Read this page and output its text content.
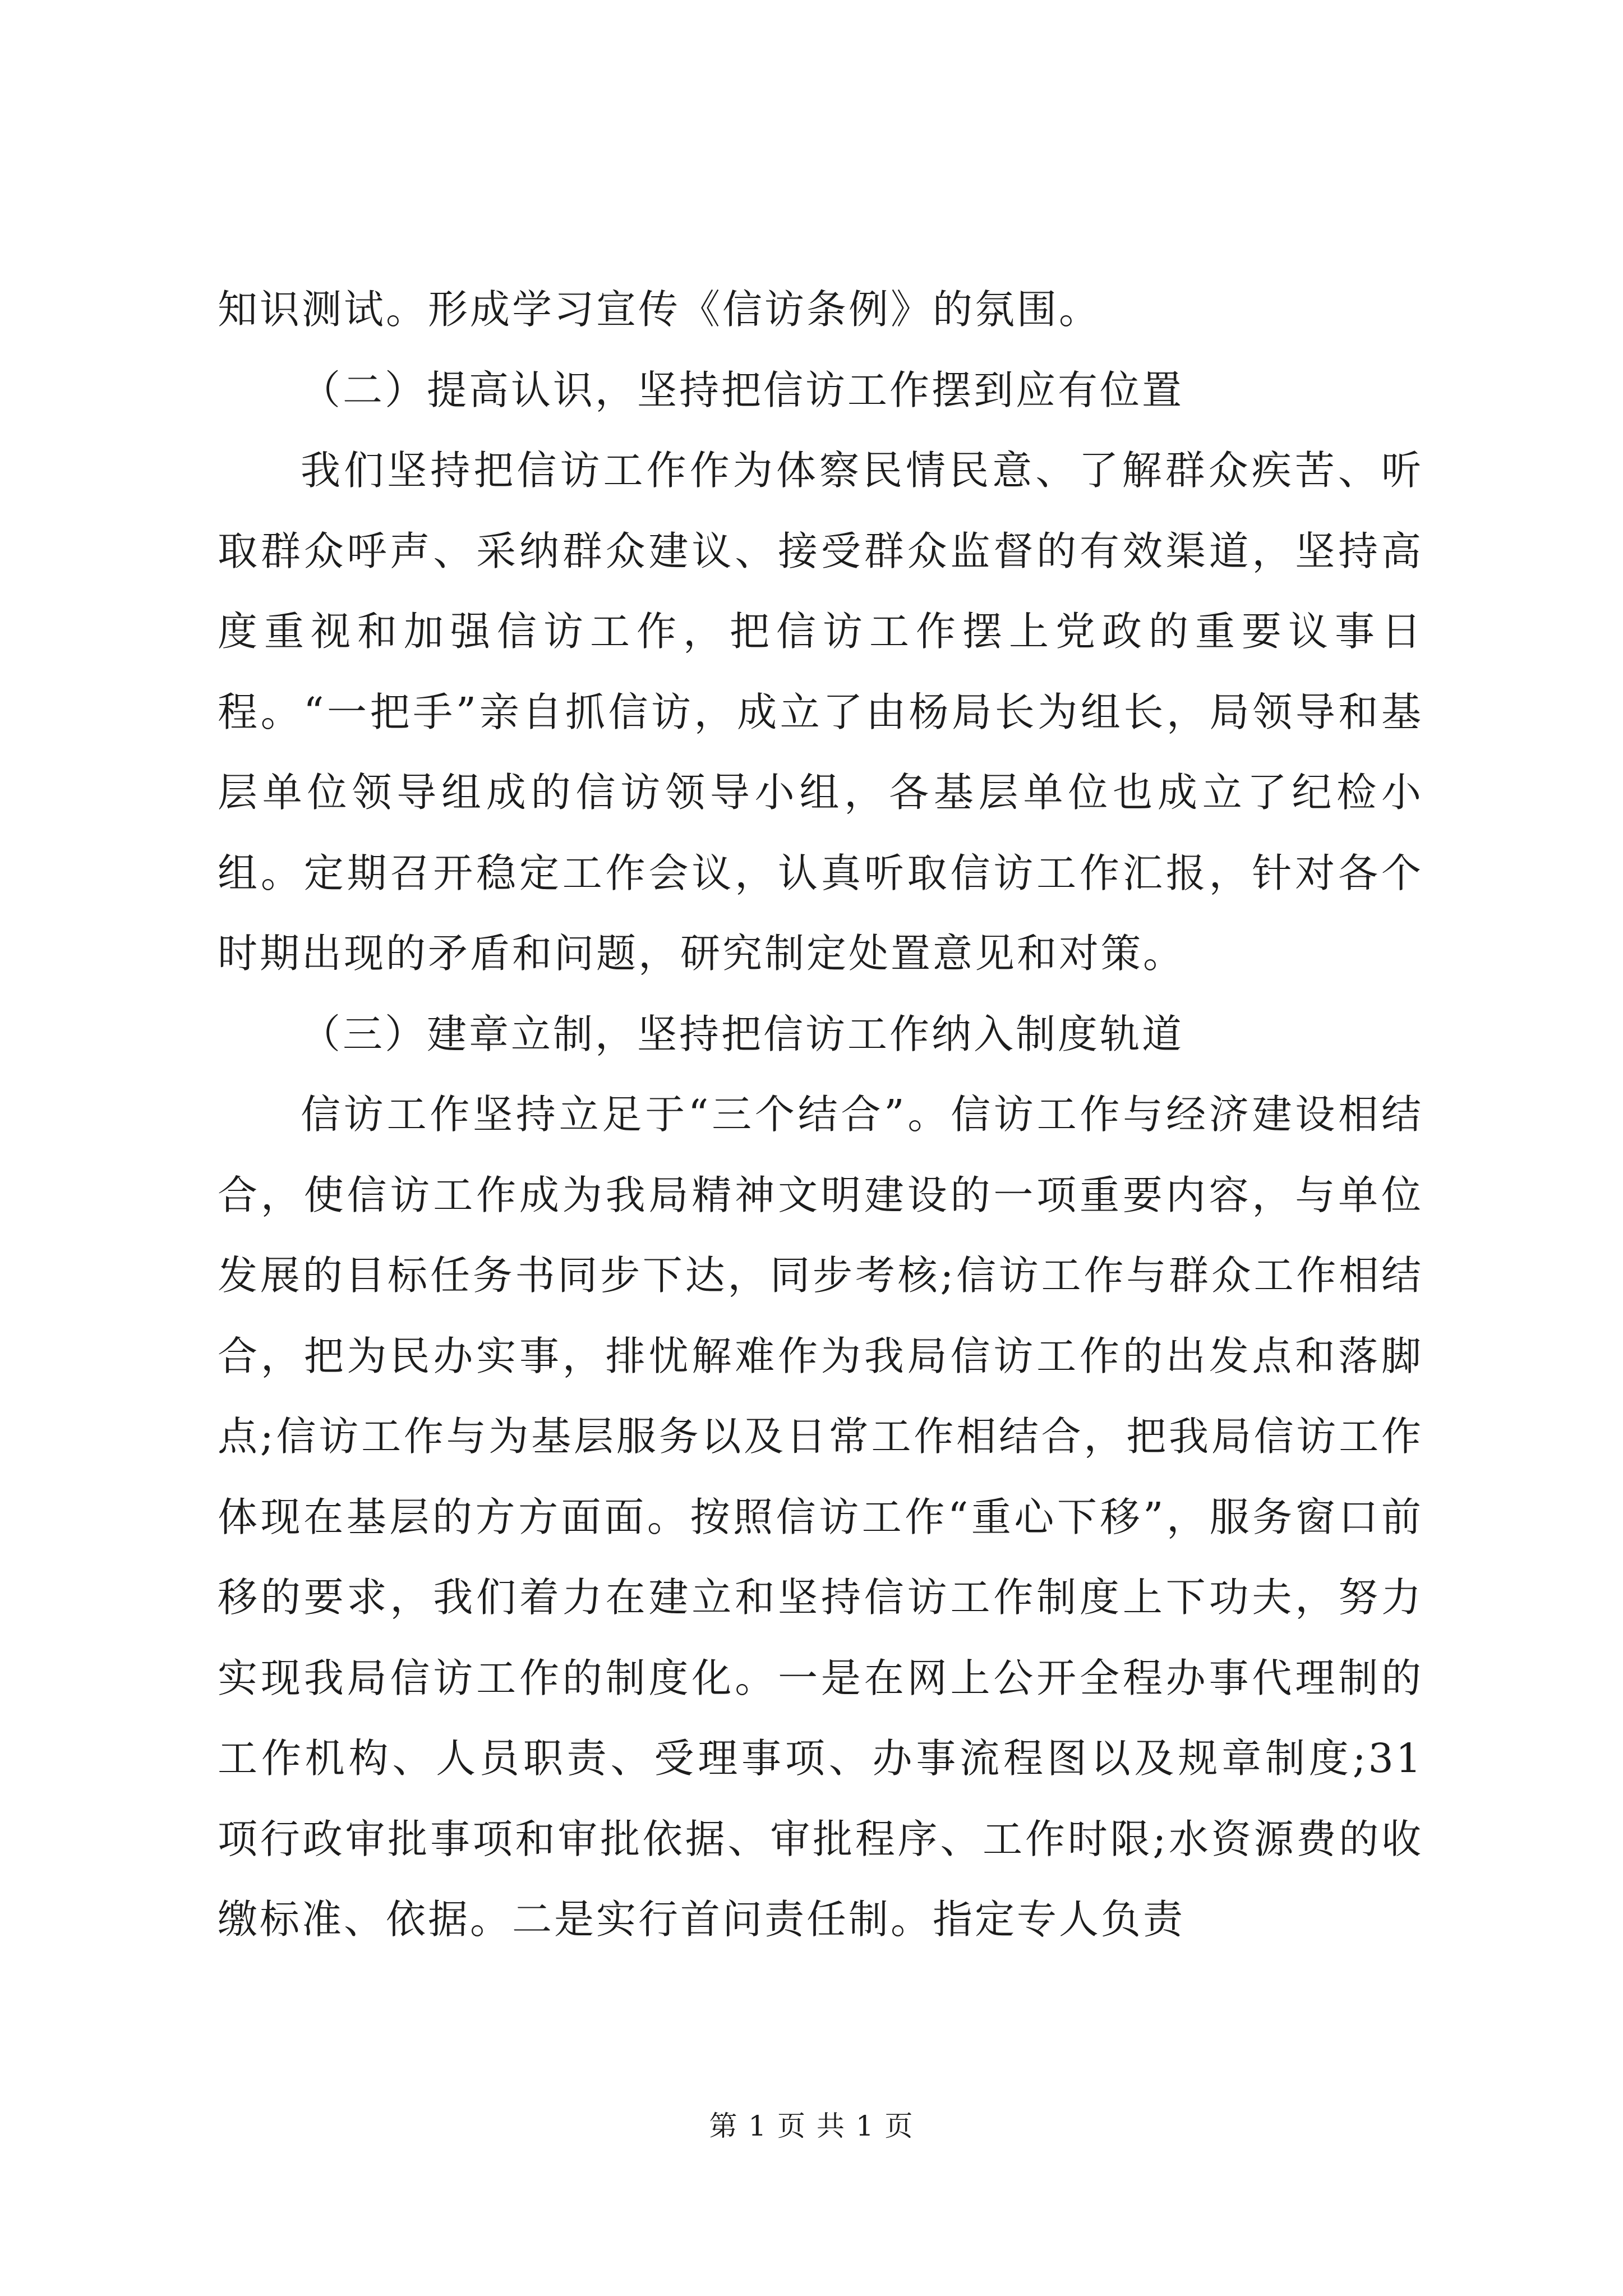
知识测试。形成学习宣传《信访条例》的氛围。

（二）提高认识，坚持把信访工作摆到应有位置

我们坚持把信访工作作为体察民情民意、了解群众疾苦、听取群众呼声、采纳群众建议、接受群众监督的有效渠道，坚持高度重视和加强信访工作，把信访工作摆上党政的重要议事日程。“一把手”亲自抓信访，成立了由杨局长为组长，局领导和基层单位领导组成的信访领导小组，各基层单位也成立了纪检小组。定期召开稳定工作会议，认真听取信访工作汇报，针对各个时期出现的矛盾和问题，研究制定处置意见和对策。

（三）建章立制，坚持把信访工作纳入制度轨道

信访工作坚持立足于“三个结合”。信访工作与经济建设相结合，使信访工作成为我局精神文明建设的一项重要内容，与单位发展的目标任务书同步下达，同步考核;信访工作与群众工作相结合，把为民办实事，排忧解难作为我局信访工作的出发点和落脚点;信访工作与为基层服务以及日常工作相结合，把我局信访工作体现在基层的方方面面。按照信访工作“重心下移”，服务窗口前移的要求，我们着力在建立和坚持信访工作制度上下功夫，努力实现我局信访工作的制度化。一是在网上公开全程办事代理制的工作机构、人员职责、受理事项、办事流程图以及规章制度;31项行政审批事项和审批依据、审批程序、工作时限;水资源费的收缴标准、依据。二是实行首问责任制。指定专人负责

第 1 页 共 1 页
